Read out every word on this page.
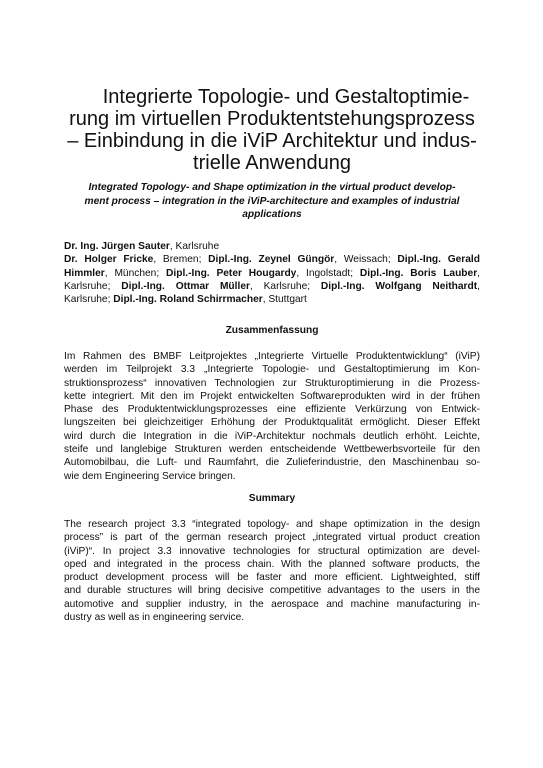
Integrierte Topologie- und Gestaltoptimie-
rung im virtuellen Produktentstehungsprozess
– Einbindung in die iViP Architektur und indus-
trielle Anwendung
Integrated Topology- and Shape optimization in the virtual product develop-
ment process – integration in the iViP-architecture and examples of industrial
applications
Dr. Ing. Jürgen Sauter, Karlsruhe
Dr. Holger Fricke, Bremen; Dipl.-Ing. Zeynel Güngör, Weissach; Dipl.-Ing. Gerald
Himmler, München; Dipl.-Ing. Peter Hougardy, Ingolstadt; Dipl.-Ing. Boris Lauber,
Karlsruhe; Dipl.-Ing. Ottmar Müller, Karlsruhe; Dipl.-Ing. Wolfgang Neithardt,
Karlsruhe; Dipl.-Ing. Roland Schirrmacher, Stuttgart
Zusammenfassung
Im Rahmen des BMBF Leitprojektes „Integrierte Virtuelle Produktentwicklung“ (iViP)
werden im Teilprojekt 3.3 „Integrierte Topologie- und Gestaltoptimierung im Kon-
struktionsprozess“ innovativen Technologien zur Strukturoptimierung in die Prozess-
kette integriert. Mit den im Projekt entwickelten Softwareprodukten wird in der frühen
Phase des Produktentwicklungsprozesses eine effiziente Verkürzung von Entwick-
lungszeiten bei gleichzeitiger Erhöhung der Produktqualität ermöglicht. Dieser Effekt
wird durch die Integration in die iViP-Architektur nochmals deutlich erhöht. Leichte,
steife und langlebige Strukturen werden entscheidende Wettbewerbsvorteile für den
Automobilbau, die Luft- und Raumfahrt, die Zulieferindustrie, den Maschinenbau so-
wie dem Engineering Service bringen.
Summary
The research project 3.3 “integrated topology- and shape optimization in the design
process” is part of the german research project „integrated virtual product creation
(iViP)“. In project 3.3 innovative technologies for structural optimization are devel-
oped and integrated in the process chain. With the planned software products, the
product development process will be faster and more efficient. Lightweighted, stiff
and durable structures will bring decisive competitive advantages to the users in the
automotive and supplier industry, in the aerospace and machine manufacturing in-
dustry as well as in engineering service.
